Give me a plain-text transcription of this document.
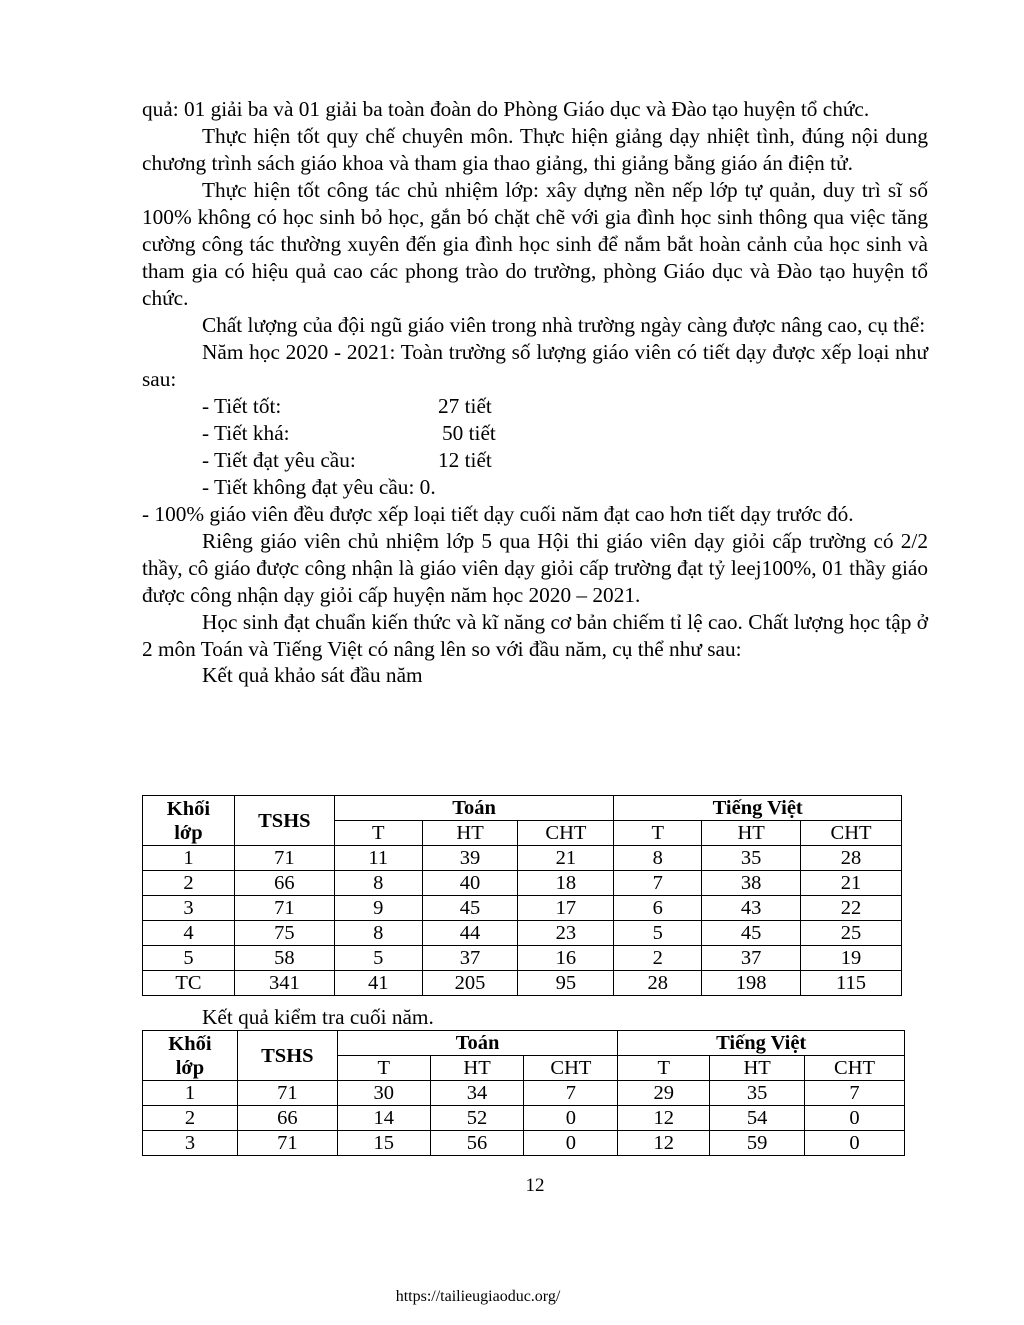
quả: 01 giải ba và 01 giải ba toàn đoàn do Phòng Giáo dục và Đào tạo huyện tổ chức.

Thực hiện tốt quy chế chuyên môn. Thực hiện giảng dạy nhiệt tình, đúng nội dung chương trình sách giáo khoa và tham gia thao giảng, thi giảng bằng giáo án điện tử.

Thực hiện tốt công tác chủ nhiệm lớp: xây dựng nền nếp lớp tự quản, duy trì sĩ số 100% không có học sinh bỏ học, gắn bó chặt chẽ với gia đình học sinh thông qua việc tăng cường công tác thường xuyên đến gia đình học sinh để nắm bắt hoàn cảnh của học sinh và tham gia có hiệu quả cao các phong trào do trường, phòng Giáo dục và Đào tạo huyện tổ chức.

Chất lượng của đội ngũ giáo viên trong nhà trường ngày càng được nâng cao, cụ thể:

Năm học 2020 - 2021: Toàn trường số lượng giáo viên có tiết dạy được xếp loại như sau:

- Tiết tốt:	27 tiết

- Tiết khá:	50 tiết

- Tiết đạt yêu cầu:	12 tiết

- Tiết không đạt yêu cầu: 0.

- 100% giáo viên đều được xếp loại tiết dạy cuối năm đạt cao hơn tiết dạy trước đó.

Riêng giáo viên chủ nhiệm lớp 5 qua Hội thi giáo viên dạy giỏi cấp trường có 2/2 thầy, cô giáo được công nhận là giáo viên dạy giỏi cấp trường đạt tỷ leej100%, 01 thầy giáo được công nhận dạy giỏi cấp huyện năm học 2020 – 2021.

Học sinh đạt chuẩn kiến thức và kĩ năng cơ bản chiếm tỉ lệ cao. Chất lượng học tập ở 2 môn Toán và Tiếng Việt có nâng lên so với đầu năm, cụ thể như sau:

Kết quả khảo sát đầu năm

Khối
lớp	TSHS	Toán			Tiếng Việt		
		T	HT	CHT	T	HT	CHT
1	71	11	39	21	8	35	28
2	66	8	40	18	7	38	21
3	71	9	45	17	6	43	22
4	75	8	44	23	5	45	25
5	58	5	37	16	2	37	19
TC	341	41	205	95	28	198	115

Kết quả kiểm tra cuối năm.

Khối
lớp	TSHS	Toán			Tiếng Việt		
		T	HT	CHT	T	HT	CHT
1	71	30	34	7	29	35	7
2	66	14	52	0	12	54	0
3	71	15	56	0	12	59	0
12
https://tailieugiaoduc.org/
